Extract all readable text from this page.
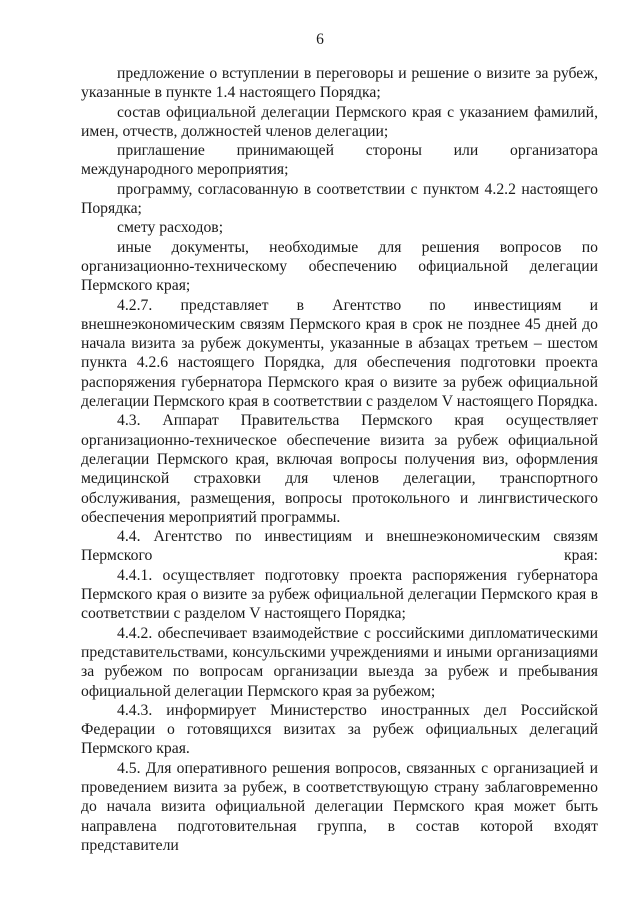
6

предложение о вступлении в переговоры и решение о визите за рубеж, указанные в пункте 1.4 настоящего Порядка;

состав официальной делегации Пермского края с указанием фамилий, имен, отчеств, должностей членов делегации;

приглашение принимающей стороны или организатора международного мероприятия;

программу, согласованную в соответствии с пунктом 4.2.2 настоящего Порядка;

смету расходов;

иные документы, необходимые для решения вопросов по организационно-техническому обеспечению официальной делегации Пермского края;

4.2.7. представляет в Агентство по инвестициям и внешнеэкономическим связям Пермского края в срок не позднее 45 дней до начала визита за рубеж документы, указанные в абзацах третьем – шестом пункта 4.2.6 настоящего Порядка, для обеспечения подготовки проекта распоряжения губернатора Пермского края о визите за рубеж официальной делегации Пермского края в соответствии с разделом V настоящего Порядка.

4.3. Аппарат Правительства Пермского края осуществляет организационно-техническое обеспечение визита за рубеж официальной делегации Пермского края, включая вопросы получения виз, оформления медицинской страховки для членов делегации, транспортного обслуживания, размещения, вопросы протокольного и лингвистического обеспечения мероприятий программы.

4.4. Агентство по инвестициям и внешнеэкономическим связям Пермского края:

4.4.1. осуществляет подготовку проекта распоряжения губернатора Пермского края о визите за рубеж официальной делегации Пермского края в соответствии с разделом V настоящего Порядка;

4.4.2. обеспечивает взаимодействие с российскими дипломатическими представительствами, консульскими учреждениями и иными организациями за рубежом по вопросам организации выезда за рубеж и пребывания официальной делегации Пермского края за рубежом;

4.4.3. информирует Министерство иностранных дел Российской Федерации о готовящихся визитах за рубеж официальных делегаций Пермского края.

4.5. Для оперативного решения вопросов, связанных с организацией и проведением визита за рубеж, в соответствующую страну заблаговременно до начала визита официальной делегации Пермского края может быть направлена подготовительная группа, в состав которой входят представители
